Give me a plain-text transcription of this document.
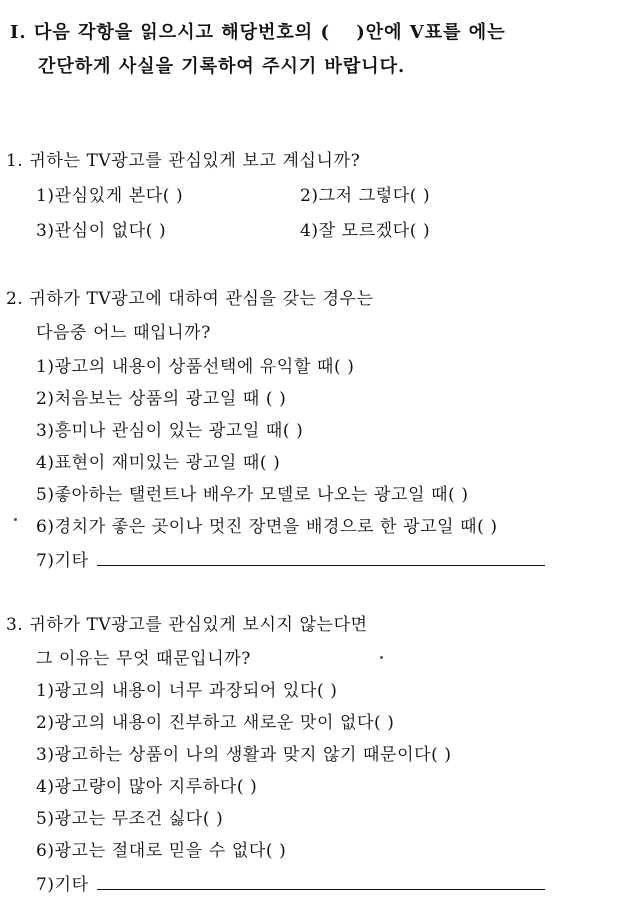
Ⅰ. 다음 각항을 읽으시고 해당번호의 (　 )안에 V표를 에는
간단하게 사실을 기록하여 주시기 바랍니다.
1. 귀하는 TV광고를 관심있게 보고 계십니까?
1)관심있게 본다( )	2)그저 그렇다( )
3)관심이 없다( )	4)잘 모르겠다( )
2. 귀하가 TV광고에 대하여 관심을 갖는 경우는
다음중 어느 때입니까?
1)광고의 내용이 상품선택에 유익할 때( )
2)처음보는 상품의 광고일 때 ( )
3)흥미나 관심이 있는 광고일 때( )
4)표현이 재미있는 광고일 때( )
5)좋아하는 탤런트나 배우가 모델로 나오는 광고일 때( )
6)경치가 좋은 곳이나 멋진 장면을 배경으로 한 광고일 때( )
7)기타
3. 귀하가 TV광고를 관심있게 보시지 않는다면
그 이유는 무엇 때문입니까?
1)광고의 내용이 너무 과장되어 있다( )
2)광고의 내용이 진부하고 새로운 맛이 없다( )
3)광고하는 상품이 나의 생활과 맞지 않기 때문이다( )
4)광고량이 많아 지루하다( )
5)광고는 무조건 싫다( )
6)광고는 절대로 믿을 수 없다( )
7)기타
